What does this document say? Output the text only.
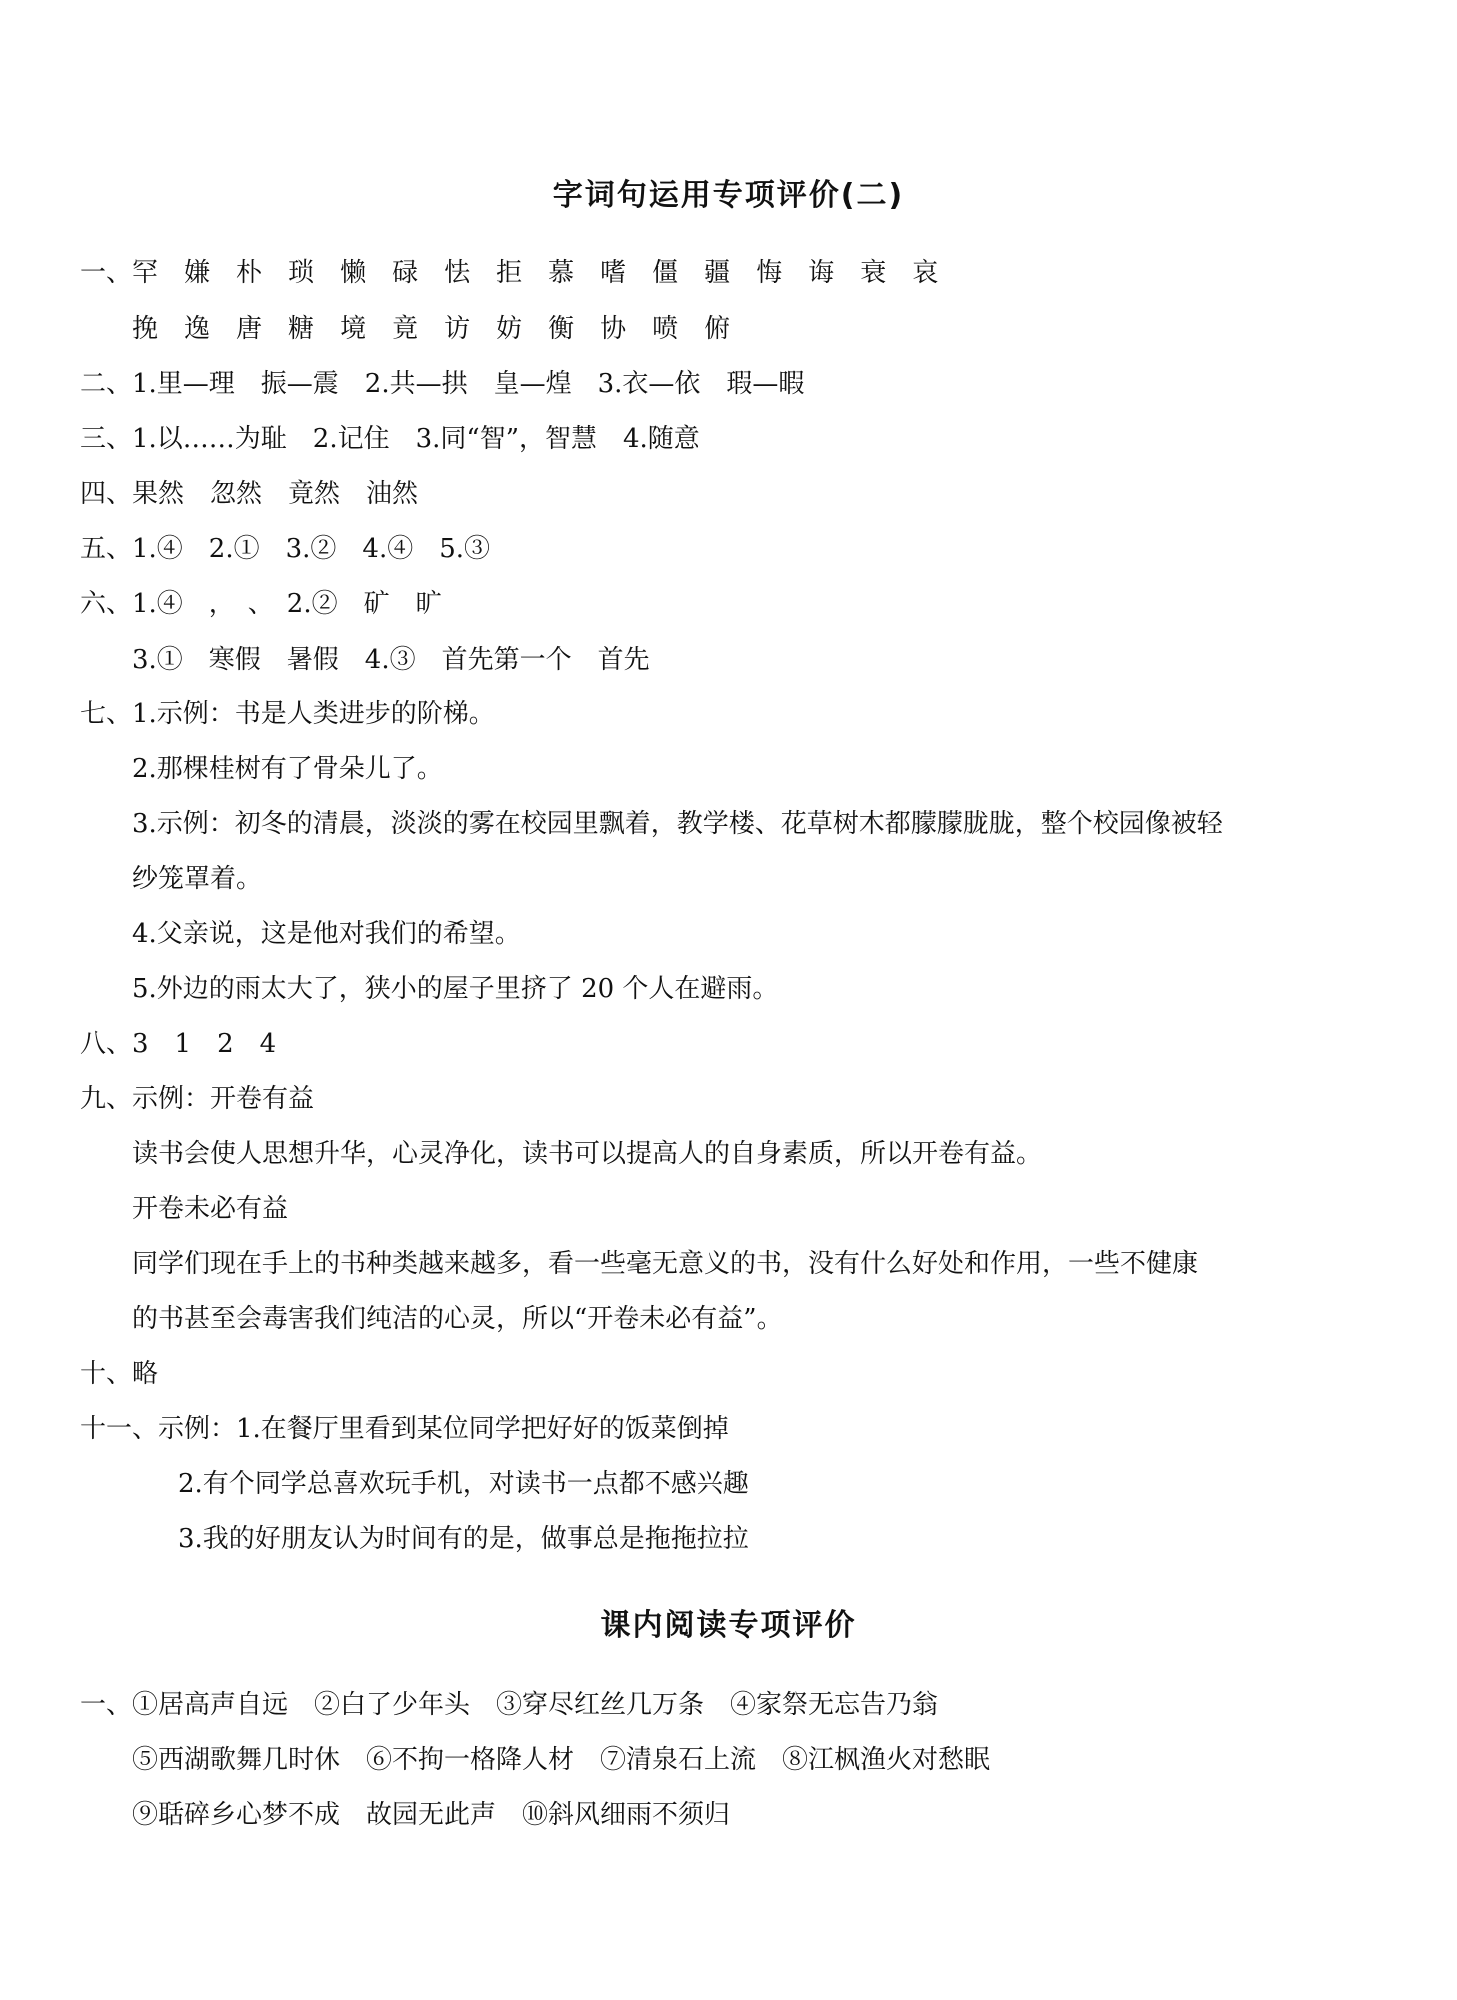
字词句运用专项评价(二)
一、罕 嫌 朴 琐 懒 碌 怯 拒 慕 嗜 僵 疆 悔 诲 衰 哀
挽 逸 唐 糖 境 竟 访 妨 衡 协 喷 俯
二、1.里—理　振—震　2.共—拱　皇—煌　3.衣—依　瑕—暇
三、1.以……为耻　2.记住　3.同“智”，智慧　4.随意
四、果然　忽然　竟然　油然
五、1.④　2.①　3.②　4.④　5.③
六、1.④　，　、　2.②　矿　旷
3.①　寒假　暑假　4.③　首先第一个　首先
七、1.示例：书是人类进步的阶梯。
2.那棵桂树有了骨朵儿了。
3.示例：初冬的清晨，淡淡的雾在校园里飘着，教学楼、花草树木都朦朦胧胧，整个校园像被轻
纱笼罩着。
4.父亲说，这是他对我们的希望。
5.外边的雨太大了，狭小的屋子里挤了 20 个人在避雨。
八、3　1　2　4
九、示例：开卷有益
读书会使人思想升华，心灵净化，读书可以提高人的自身素质，所以开卷有益。
开卷未必有益
同学们现在手上的书种类越来越多，看一些毫无意义的书，没有什么好处和作用，一些不健康
的书甚至会毒害我们纯洁的心灵，所以“开卷未必有益”。
十、略
十一、示例：1.在餐厅里看到某位同学把好好的饭菜倒掉
2.有个同学总喜欢玩手机，对读书一点都不感兴趣
3.我的好朋友认为时间有的是，做事总是拖拖拉拉
课内阅读专项评价
一、①居高声自远　②白了少年头　③穿尽红丝几万条　④家祭无忘告乃翁
⑤西湖歌舞几时休　⑥不拘一格降人材　⑦清泉石上流　⑧江枫渔火对愁眠
⑨聒碎乡心梦不成　故园无此声　⑩斜风细雨不须归
